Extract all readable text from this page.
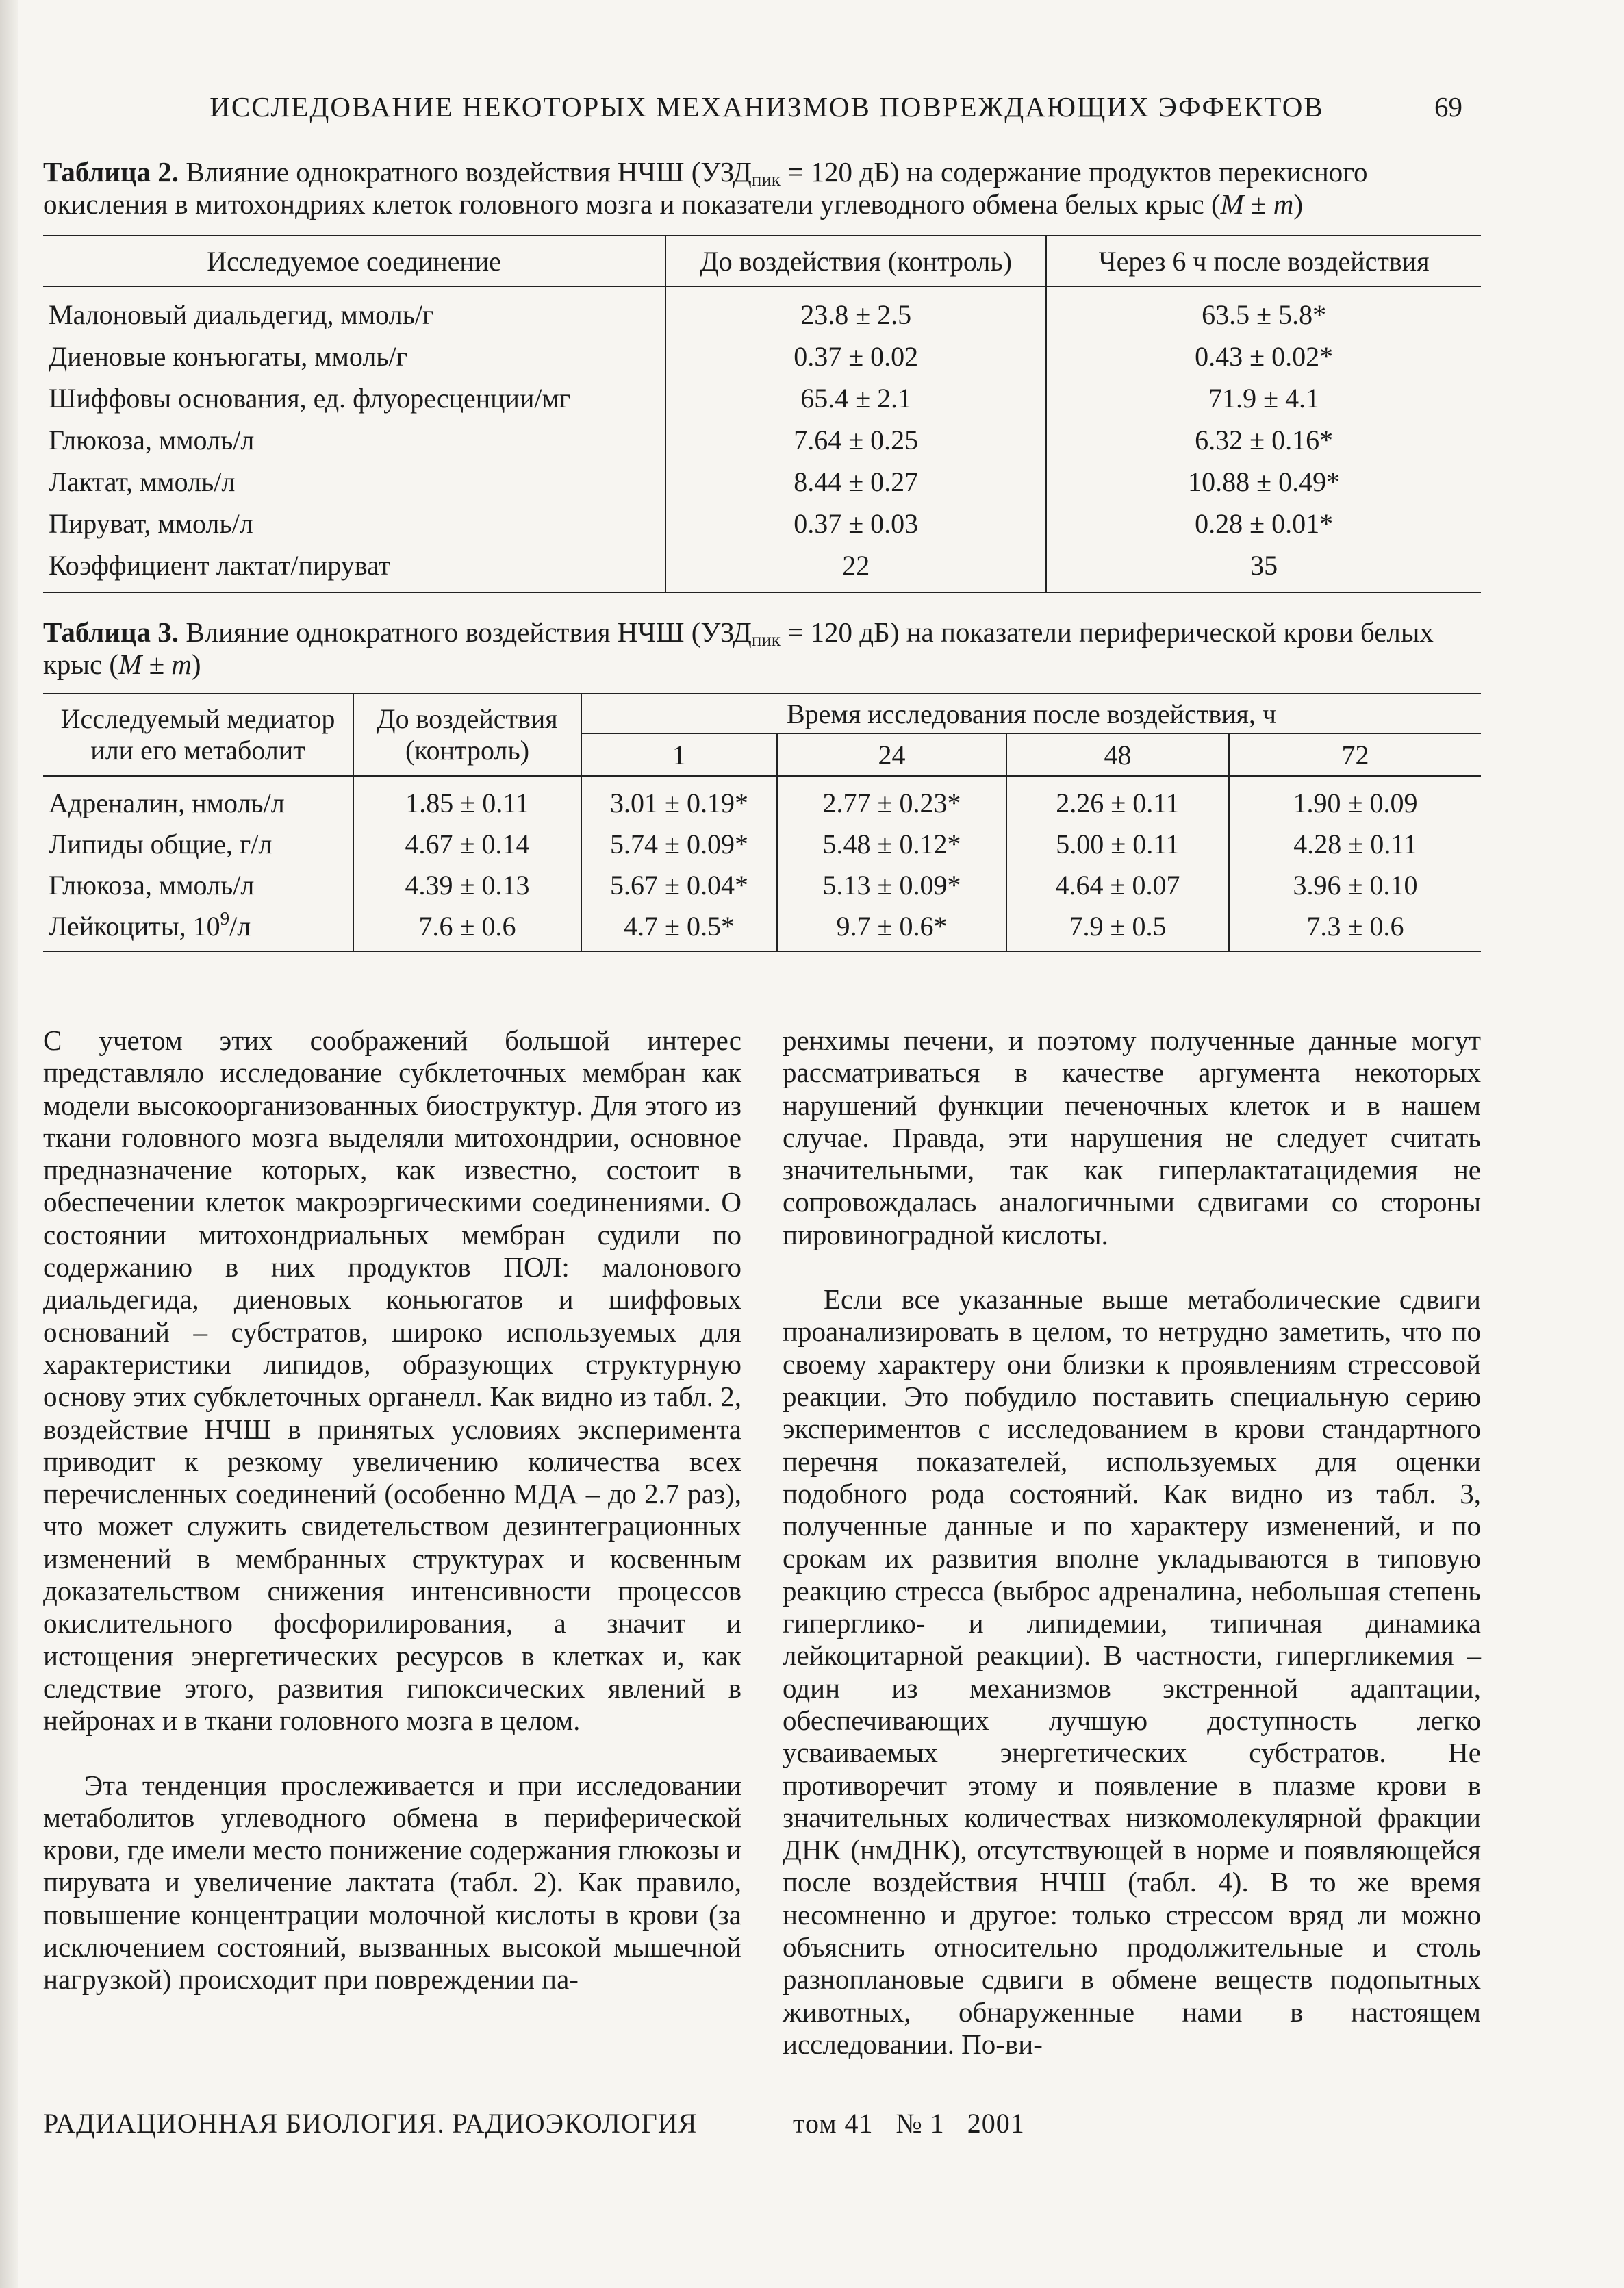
ИССЛЕДОВАНИЕ НЕКОТОРЫХ МЕХАНИЗМОВ ПОВРЕЖДАЮЩИХ ЭФФЕКТОВ	69
Таблица 2. Влияние однократного воздействия НЧШ ($УЗД_{пик} = 120$ дБ) на содержание продуктов перекисного окисления в митохондриях клеток головного мозга и показатели углеводного обмена белых крыс (M ± m)
Исследуемое соединение	До воздействия (контроль)	Через 6 ч после воздействия
Малоновый диальдегид, ммоль/г	23.8 ± 2.5	63.5 ± 5.8*
Диеновые конъюгаты, ммоль/г	0.37 ± 0.02	0.43 ± 0.02*
Шиффовы основания, ед. флуоресценции/мг	65.4 ± 2.1	71.9 ± 4.1
Глюкоза, ммоль/л	7.64 ± 0.25	6.32 ± 0.16*
Лактат, ммоль/л	8.44 ± 0.27	10.88 ± 0.49*
Пируват, ммоль/л	0.37 ± 0.03	0.28 ± 0.01*
Коэффициент лактат/пируват	22	35
Таблица 3. Влияние однократного воздействия НЧШ ($УЗД_{пик} = 120$ дБ) на показатели периферической крови белых крыс (M ± m)
Исследуемый медиатор или его метаболит	До воздействия (контроль)	Время исследования после воздействия, ч			
		1	24	48	72
Адреналин, нмоль/л	1.85 ± 0.11	3.01 ± 0.19*	2.77 ± 0.23*	2.26 ± 0.11	1.90 ± 0.09
Липиды общие, г/л	4.67 ± 0.14	5.74 ± 0.09*	5.48 ± 0.12*	5.00 ± 0.11	4.28 ± 0.11
Глюкоза, ммоль/л	4.39 ± 0.13	5.67 ± 0.04*	5.13 ± 0.09*	4.64 ± 0.07	3.96 ± 0.10
Лейкоциты, $10^9/л$	7.6 ± 0.6	4.7 ± 0.5*	9.7 ± 0.6*	7.9 ± 0.5	7.3 ± 0.6

С учетом этих соображений большой интерес представляло исследование субклеточных мембран как модели высокоорганизованных биоструктур. Для этого из ткани головного мозга выделяли митохондрии, основное предназначение которых, как известно, состоит в обеспечении клеток макроэргическими соединениями. О состоянии митохондриальных мембран судили по содержанию в них продуктов ПОЛ: малонового диальдегида, диеновых коньюгатов и шиффовых оснований – субстратов, широко используемых для характеристики липидов, образующих структурную основу этих субклеточных органелл. Как видно из табл. 2, воздействие НЧШ в принятых условиях эксперимента приводит к резкому увеличению количества всех перечисленных соединений (особенно МДА – до 2.7 раз), что может служить свидетельством дезинтеграционных изменений в мембранных структурах и косвенным доказательством снижения интенсивности процессов окислительного фосфорилирования, а значит и истощения энергетических ресурсов в клетках и, как следствие этого, развития гипоксических явлений в нейронах и в ткани головного мозга в целом.

Эта тенденция прослеживается и при исследовании метаболитов углеводного обмена в периферической крови, где имели место понижение содержания глюкозы и пирувата и увеличение лактата (табл. 2). Как правило, повышение концентрации молочной кислоты в крови (за исключением состояний, вызванных высокой мышечной нагрузкой) происходит при повреждении па-

ренхимы печени, и поэтому полученные данные могут рассматриваться в качестве аргумента некоторых нарушений функции печеночных клеток и в нашем случае. Правда, эти нарушения не следует считать значительными, так как гиперлактатацидемия не сопровождалась аналогичными сдвигами со стороны пировиноградной кислоты.

Если все указанные выше метаболические сдвиги проанализировать в целом, то нетрудно заметить, что по своему характеру они близки к проявлениям стрессовой реакции. Это побудило поставить специальную серию экспериментов с исследованием в крови стандартного перечня показателей, используемых для оценки подобного рода состояний. Как видно из табл. 3, полученные данные и по характеру изменений, и по срокам их развития вполне укладываются в типовую реакцию стресса (выброс адреналина, небольшая степень гиперглико- и липидемии, типичная динамика лейкоцитарной реакции). В частности, гипергликемия – один из механизмов экстренной адаптации, обеспечивающих лучшую доступность легко усваиваемых энергетических субстратов. Не противоречит этому и появление в плазме крови в значительных количествах низкомолекулярной фракции ДНК (нмДНК), отсутствующей в норме и появляющейся после воздействия НЧШ (табл. 4). В то же время несомненно и другое: только стрессом вряд ли можно объяснить относительно продолжительные и столь разноплановые сдвиги в обмене веществ подопытных животных, обнаруженные нами в настоящем исследовании. По-ви-

РАДИАЦИОННАЯ БИОЛОГИЯ. РАДИОЭКОЛОГИЯ	том 41 № 1 2001
